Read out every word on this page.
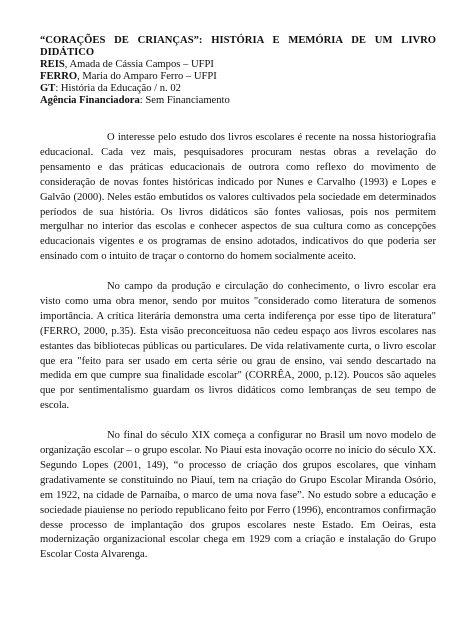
“CORAÇÕES DE CRIANÇAS”: HISTÓRIA E MEMÓRIA DE UM LIVRO DIDÁTICO

REIS, Amada de Cássia Campos – UFPI

FERRO, Maria do Amparo Ferro – UFPI

GT: História da Educação / n. 02

Agência Financiadora: Sem Financiamento

O interesse pelo estudo dos livros escolares é recente na nossa historiografia educacional. Cada vez mais, pesquisadores procuram nestas obras a revelação do pensamento e das práticas educacionais de outrora como reflexo do movimento de consideração de novas fontes históricas indicado por Nunes e Carvalho (1993) e Lopes e Galvão (2000). Neles estão embutidos os valores cultivados pela sociedade em determinados períodos de sua história. Os livros didáticos são fontes valiosas, pois nos permitem mergulhar no interior das escolas e conhecer aspectos de sua cultura como as concepções educacionais vigentes e os programas de ensino adotados, indicativos do que poderia ser ensinado com o intuito de traçar o contorno do homem socialmente aceito.

No campo da produção e circulação do conhecimento, o livro escolar era visto como uma obra menor, sendo por muitos "considerado como literatura de somenos importância. A crítica literária demonstra uma certa indiferença por esse tipo de literatura" (FERRO, 2000, p.35). Esta visão preconceituosa não cedeu espaço aos livros escolares nas estantes das bibliotecas públicas ou particulares. De vida relativamente curta, o livro escolar que era "feito para ser usado em certa série ou grau de ensino, vai sendo descartado na medida em que cumpre sua finalidade escolar" (CORRÊA, 2000, p.12). Poucos são aqueles que por sentimentalismo guardam os livros didáticos como lembranças de seu tempo de escola.

No final do século XIX começa a configurar no Brasil um novo modelo de organização escolar – o grupo escolar. No Piauí esta inovação ocorre no início do século XX. Segundo Lopes (2001, 149), “o processo de criação dos grupos escolares, que vinham gradativamente se constituindo no Piauí, tem na criação do Grupo Escolar Miranda Osório, em 1922, na cidade de Parnaíba, o marco de uma nova fase”. No estudo sobre a educação e sociedade piauiense no período republicano feito por Ferro (1996), encontramos confirmação desse processo de implantação dos grupos escolares neste Estado. Em Oeiras, esta modernização organizacional escolar chega em 1929 com a criação e instalação do Grupo Escolar Costa Alvarenga.
